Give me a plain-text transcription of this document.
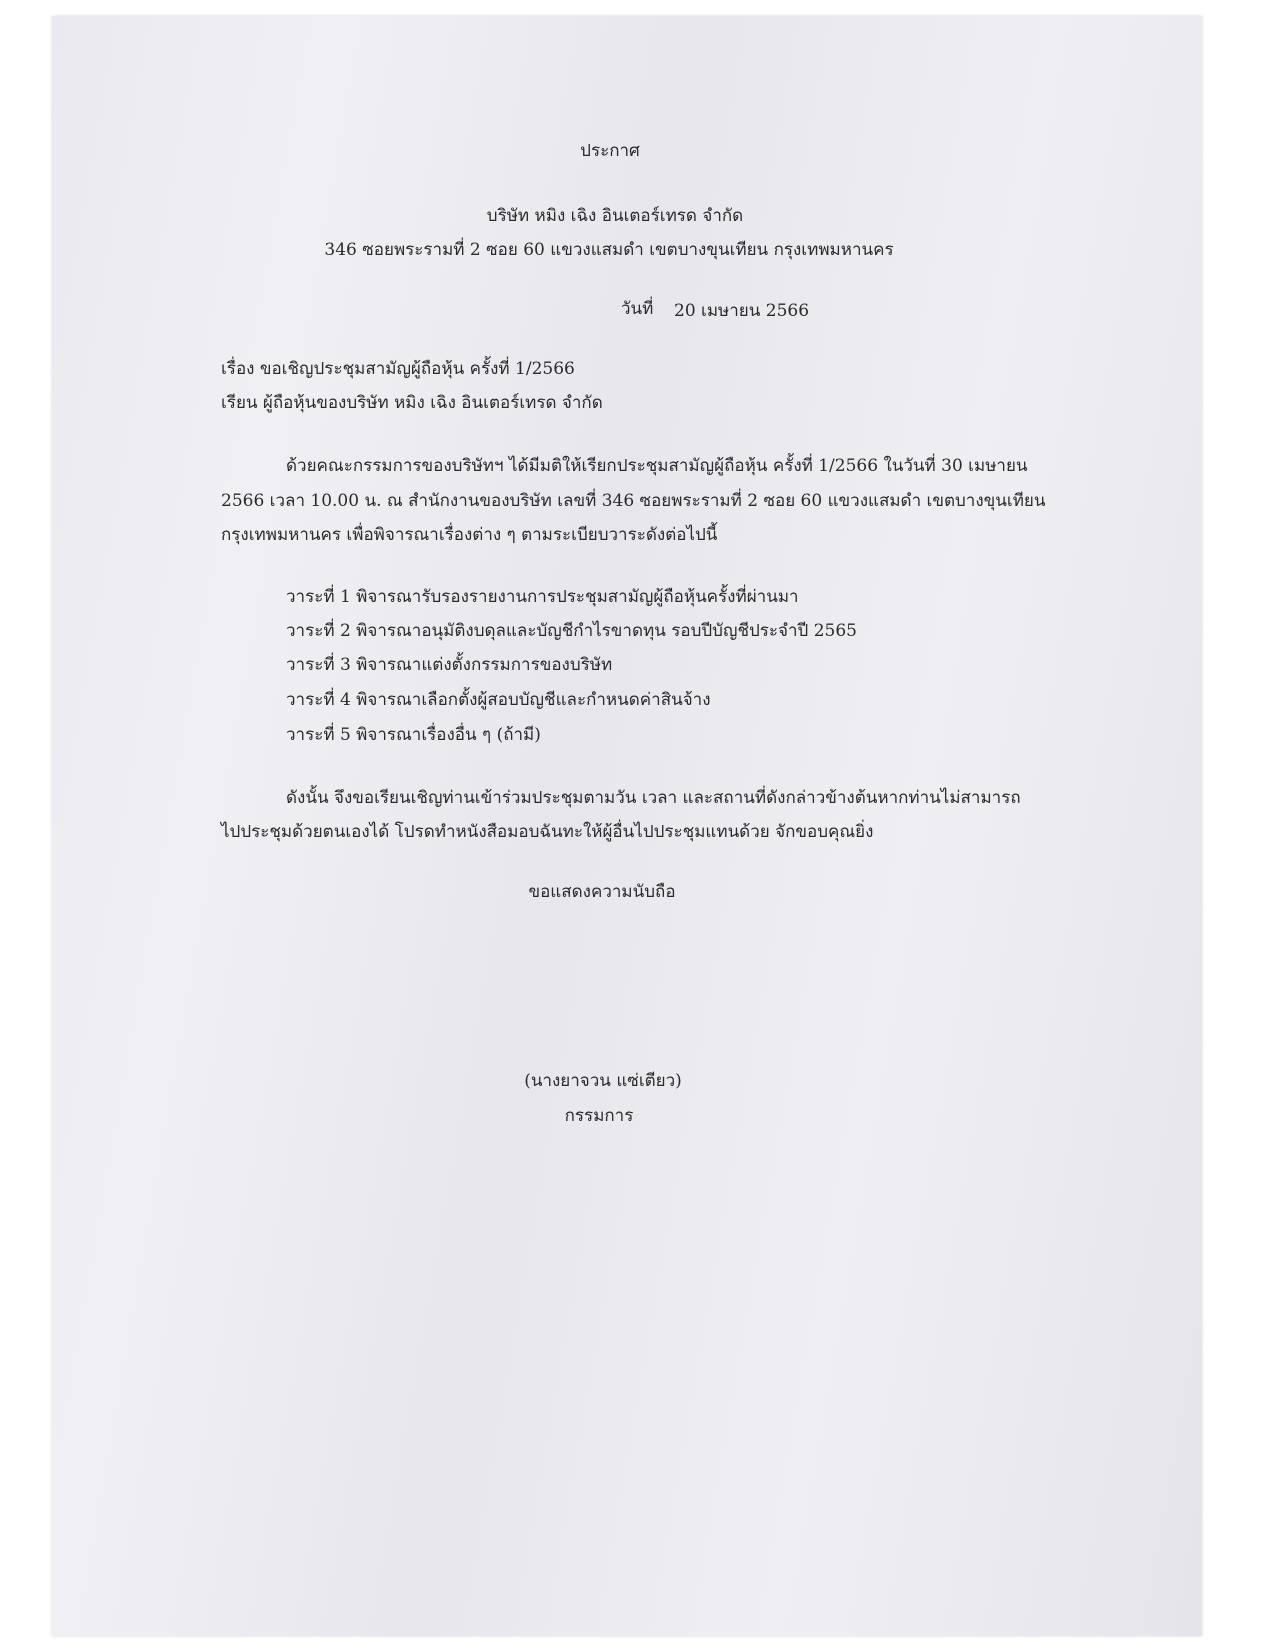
ประกาศ
บริษัท หมิง เฉิง อินเตอร์เทรด จำกัด
346 ซอยพระรามที่ 2 ซอย 60 แขวงแสมดำ เขตบางขุนเทียน กรุงเทพมหานคร
วันที่ 20 เมษายน 2566
เรื่อง ขอเชิญประชุมสามัญผู้ถือหุ้น ครั้งที่ 1/2566
เรียน ผู้ถือหุ้นของบริษัท หมิง เฉิง อินเตอร์เทรด จำกัด
ด้วยคณะกรรมการของบริษัทฯ ได้มีมติให้เรียกประชุมสามัญผู้ถือหุ้น ครั้งที่ 1/2566 ในวันที่ 30 เมษายน
2566 เวลา 10.00 น. ณ สำนักงานของบริษัท เลขที่ 346 ซอยพระรามที่ 2 ซอย 60 แขวงแสมดำ เขตบางขุนเทียน
กรุงเทพมหานคร เพื่อพิจารณาเรื่องต่าง ๆ ตามระเบียบวาระดังต่อไปนี้
วาระที่ 1 พิจารณารับรองรายงานการประชุมสามัญผู้ถือหุ้นครั้งที่ผ่านมา
วาระที่ 2 พิจารณาอนุมัติงบดุลและบัญชีกำไรขาดทุน รอบปีบัญชีประจำปี 2565
วาระที่ 3 พิจารณาแต่งตั้งกรรมการของบริษัท
วาระที่ 4 พิจารณาเลือกตั้งผู้สอบบัญชีและกำหนดค่าสินจ้าง
วาระที่ 5 พิจารณาเรื่องอื่น ๆ (ถ้ามี)
ดังนั้น จึงขอเรียนเชิญท่านเข้าร่วมประชุมตามวัน เวลา และสถานที่ดังกล่าวข้างต้นหากท่านไม่สามารถ
ไปประชุมด้วยตนเองได้ โปรดทำหนังสือมอบฉันทะให้ผู้อื่นไปประชุมแทนด้วย จักขอบคุณยิ่ง
ขอแสดงความนับถือ
(นางยาจวน แซ่เตียว)
กรรมการ
